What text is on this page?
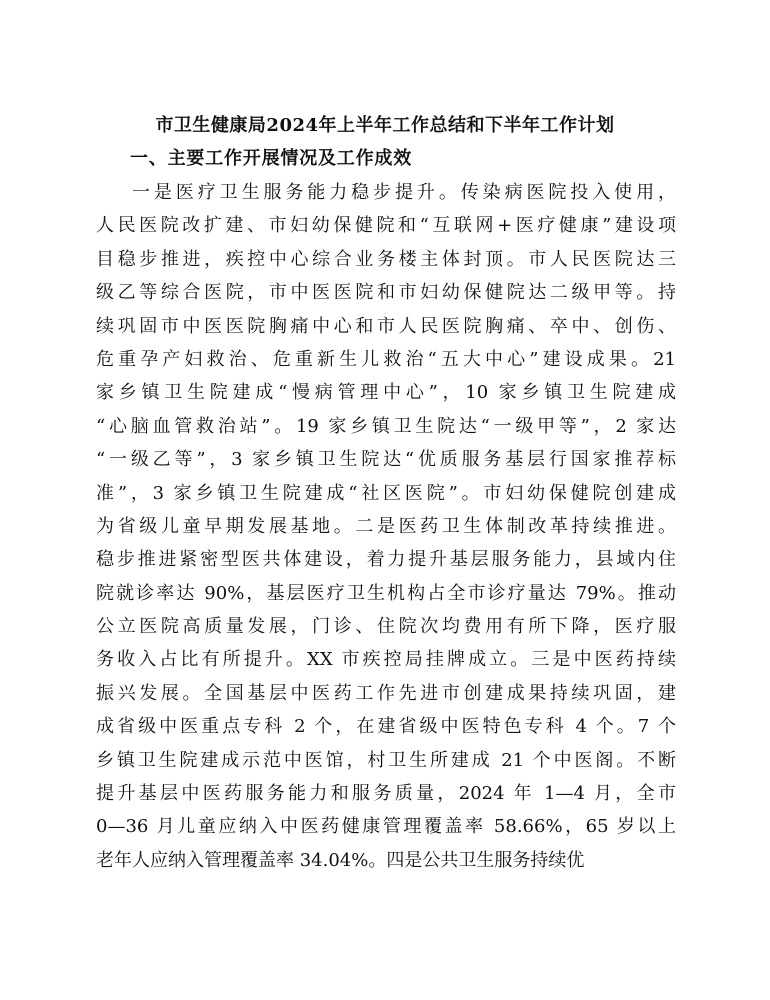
市卫生健康局2024年上半年工作总结和下半年工作计划
一、主要工作开展情况及工作成效
一是医疗卫生服务能力稳步提升。传染病医院投入使用，
人民医院改扩建、市妇幼保健院和“互联网+医疗健康”建设项
目稳步推进，疾控中心综合业务楼主体封顶。市人民医院达三
级乙等综合医院，市中医医院和市妇幼保健院达二级甲等。持
续巩固市中医医院胸痛中心和市人民医院胸痛、卒中、创伤、
危重孕产妇救治、危重新生儿救治“五大中心”建设成果。21
家乡镇卫生院建成“慢病管理中心”，10 家乡镇卫生院建成
“心脑血管救治站”。19 家乡镇卫生院达“一级甲等”，2 家达
“一级乙等”，3 家乡镇卫生院达“优质服务基层行国家推荐标
准”，3 家乡镇卫生院建成“社区医院”。市妇幼保健院创建成
为省级儿童早期发展基地。二是医药卫生体制改革持续推进。
稳步推进紧密型医共体建设，着力提升基层服务能力，县域内住
院就诊率达 90%，基层医疗卫生机构占全市诊疗量达 79%。推动
公立医院高质量发展，门诊、住院次均费用有所下降，医疗服
务收入占比有所提升。XX 市疾控局挂牌成立。三是中医药持续
振兴发展。全国基层中医药工作先进市创建成果持续巩固，建
成省级中医重点专科 2 个，在建省级中医特色专科 4 个。7 个
乡镇卫生院建成示范中医馆，村卫生所建成 21 个中医阁。不断
提升基层中医药服务能力和服务质量，2024 年 1—4 月，全市
0—36 月儿童应纳入中医药健康管理覆盖率 58.66%，65 岁以上
老年人应纳入管理覆盖率 34.04%。四是公共卫生服务持续优
